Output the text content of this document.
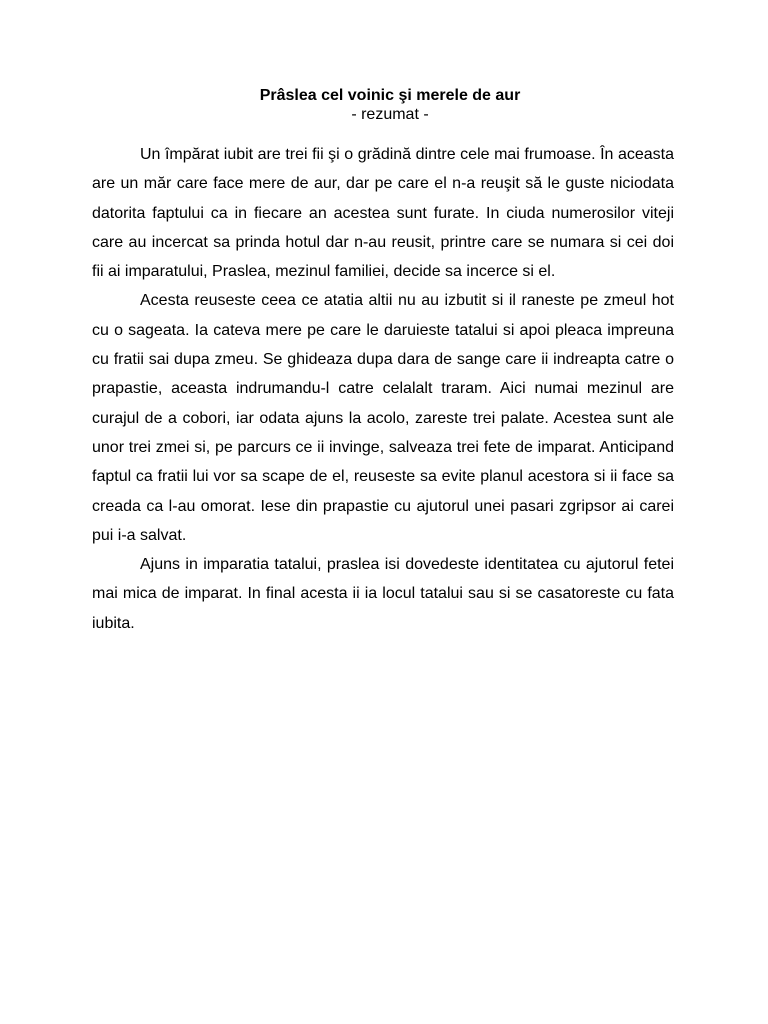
Prâslea cel voinic şi merele de aur
- rezumat -

Un împărat iubit are trei fii şi o grădină dintre cele mai frumoase. În aceasta are un măr care face mere de aur, dar pe care el n-a reuşit să le guste niciodata datorita faptului ca in fiecare an acestea sunt furate. In ciuda numerosilor viteji care au incercat sa prinda hotul dar n-au reusit, printre care se numara si cei doi fii ai imparatului, Praslea, mezinul familiei, decide sa incerce si el.

Acesta reuseste ceea ce atatia altii nu au izbutit si il raneste pe zmeul hot cu o sageata. Ia cateva mere pe care le daruieste tatalui si apoi pleaca impreuna cu fratii sai dupa zmeu. Se ghideaza dupa dara de sange care ii indreapta catre o prapastie, aceasta indrumandu-l catre celalalt traram. Aici numai mezinul are curajul de a cobori, iar odata ajuns la acolo, zareste trei palate. Acestea sunt ale unor trei zmei si, pe parcurs ce ii invinge, salveaza trei fete de imparat. Anticipand faptul ca fratii lui vor sa scape de el, reuseste sa evite planul acestora si ii face sa creada ca l-au omorat. Iese din prapastie cu ajutorul unei pasari zgripsor ai carei pui i-a salvat.

Ajuns in imparatia tatalui, praslea isi dovedeste identitatea cu ajutorul fetei mai mica de imparat. In final acesta ii ia locul tatalui sau si se casatoreste cu fata iubita.
